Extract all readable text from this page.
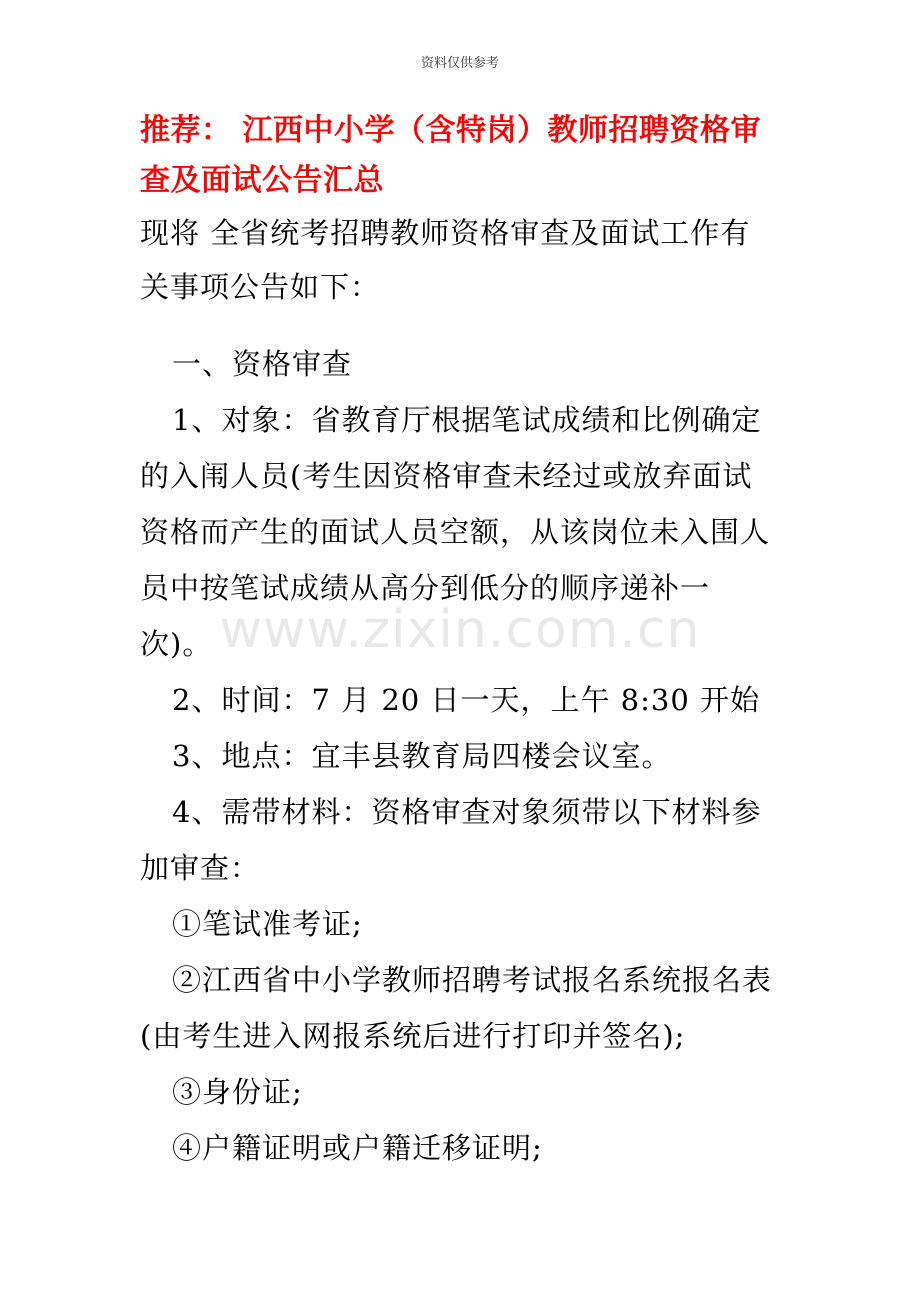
资料仅供参考
www.zixin.com.cn

推荐： 江西中小学（含特岗）教师招聘资格审查及面试公告汇总

现将 全省统考招聘教师资格审查及面试工作有关事项公告如下：

一、资格审查

1、对象：省教育厅根据笔试成绩和比例确定的入闱人员(考生因资格审查未经过或放弃面试资格而产生的面试人员空额，从该岗位未入围人员中按笔试成绩从高分到低分的顺序递补一次)。

2、时间：7 月 20 日一天，上午 8:30 开始

3、地点：宜丰县教育局四楼会议室。

4、需带材料：资格审查对象须带以下材料参加审查：

①笔试准考证;

②江西省中小学教师招聘考试报名系统报名表(由考生进入网报系统后进行打印并签名);

③身份证;

④户籍证明或户籍迁移证明;
